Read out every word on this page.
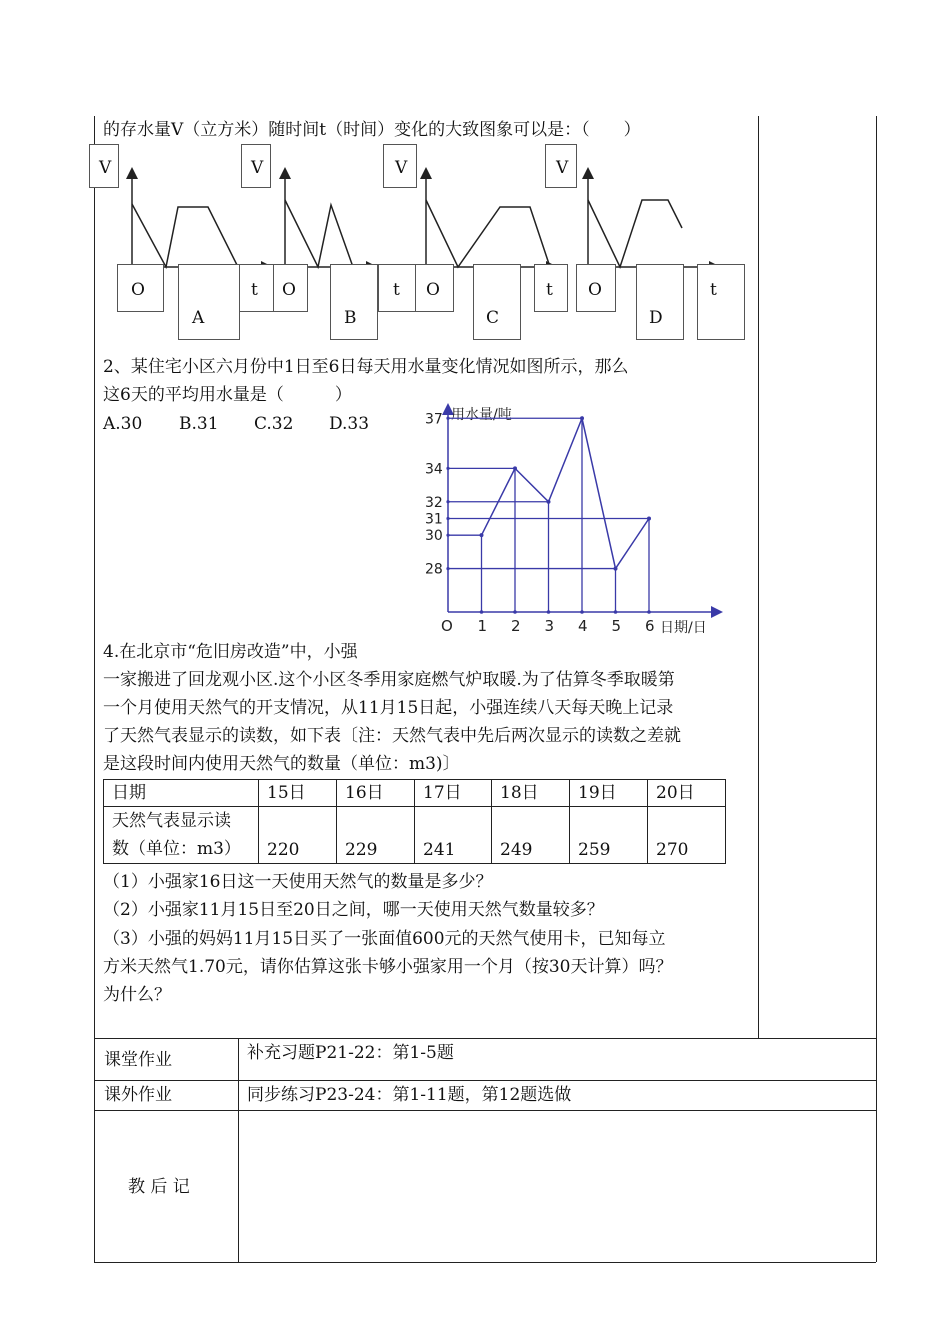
的存水量V（立方米）随时间t（时间）变化的大致图象可以是：（　　）
V	V	V	V
O	O	O	O
t	t	t	t
A	B	C	D
2、某住宅小区六月份中1日至6日每天用水量变化情况如图所示，那么
这6天的平均用水量是（　　　）
A.30 B.31 C.32 D.33	用水量/吨
日期/日
O
37
34
32
31
30
28
1 2 3 4 5 6
4.在北京市“危旧房改造”中，小强
一家搬进了回龙观小区.这个小区冬季用家庭燃气炉取暖.为了估算冬季取暖第
一个月使用天然气的开支情况，从11月15日起，小强连续八天每天晚上记录
了天然气表显示的读数，如下表〔注：天然气表中先后两次显示的读数之差就
是这段时间内使用天然气的数量（单位：m3)〕
日期	15日	16日	17日	18日	19日	20日
天然气表显示读
数（单位：m3）	220	229	241	249	259	270
（1）小强家16日这一天使用天然气的数量是多少？
（2）小强家11月15日至20日之间，哪一天使用天然气数量较多？
（3）小强的妈妈11月15日买了一张面值600元的天然气使用卡，已知每立
方米天然气1.70元，请你估算这张卡够小强家用一个月（按30天计算）吗？
为什么？
课堂作业	补充习题P21-22：第1-5题
课外作业	同步练习P23-24：第1-11题，第12题选做
教 后 记
